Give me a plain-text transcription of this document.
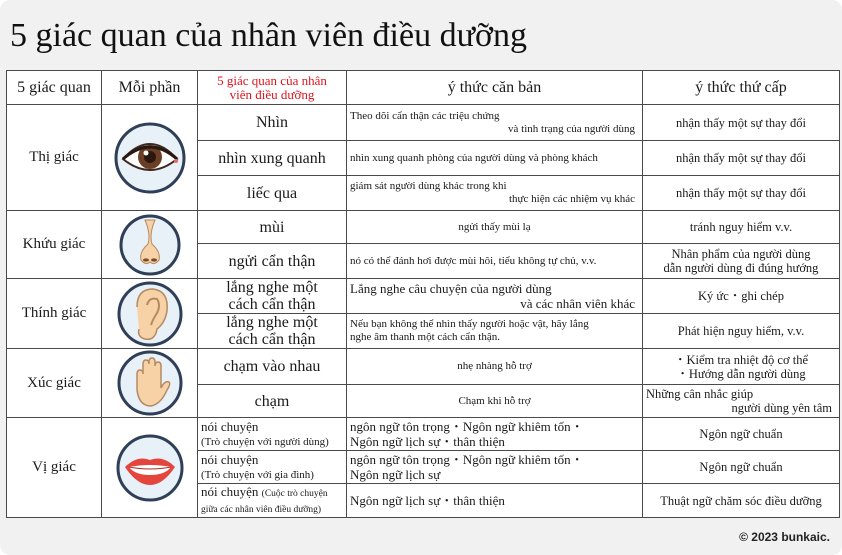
5 giác quan của nhân viên điều dưỡng
5 giác quan	Mỗi phần	5 giác quan của nhân
viên điều dưỡng	ý thức căn bản	ý thức thứ cấp
Thị giác		Nhìn	Theo dõi cẩn thận các triệu chứng
và tình trạng của người dùng	nhận thấy một sự thay đổi
		nhìn xung quanh	nhìn xung quanh phòng của người dùng và phòng khách	nhận thấy một sự thay đổi
		liếc qua	giám sát người dùng khác trong khi
thực hiện các nhiệm vụ khác	nhận thấy một sự thay đổi
Khứu giác		mùi	ngửi thấy mùi lạ	tránh nguy hiểm v.v.
		ngửi cẩn thận	nó có thể đánh hơi được mùi hôi, tiểu không tự chủ, v.v.	Nhân phẩm của người dùng
dẫn người dùng đi đúng hướng

Thính giác		lắng nghe một
cách cẩn thận	Lắng nghe câu chuyện của người dùng
và các nhân viên khác	Ký ức・ghi chép
		lắng nghe một
cách cẩn thận	Nếu bạn không thể nhìn thấy người hoặc vật, hãy lắng
nghe âm thanh một cách cẩn thận.	Phát hiện nguy hiểm, v.v.
Xúc giác		chạm vào nhau	nhẹ nhàng hỗ trợ	・Kiểm tra nhiệt độ cơ thể
・Hướng dẫn người dùng
		chạm	Chạm khi hỗ trợ	Những cân nhắc giúp
người dùng yên tâm

Vị giác		nói chuyện
(Trò chuyện với người dùng)	ngôn ngữ tôn trọng・Ngôn ngữ khiêm tốn・
Ngôn ngữ lịch sự・thân thiện	Ngôn ngữ chuẩn
		nói chuyện
(Trò chuyện với gia đình)	ngôn ngữ tôn trọng・Ngôn ngữ khiêm tốn・
Ngôn ngữ lịch sự	Ngôn ngữ chuẩn
		nói chuyện (Cuộc trò chuyện
giữa các nhân viên điều dưỡng)	Ngôn ngữ lịch sự・thân thiện	Thuật ngữ chăm sóc điều dưỡng
© 2023 bunkaic.
